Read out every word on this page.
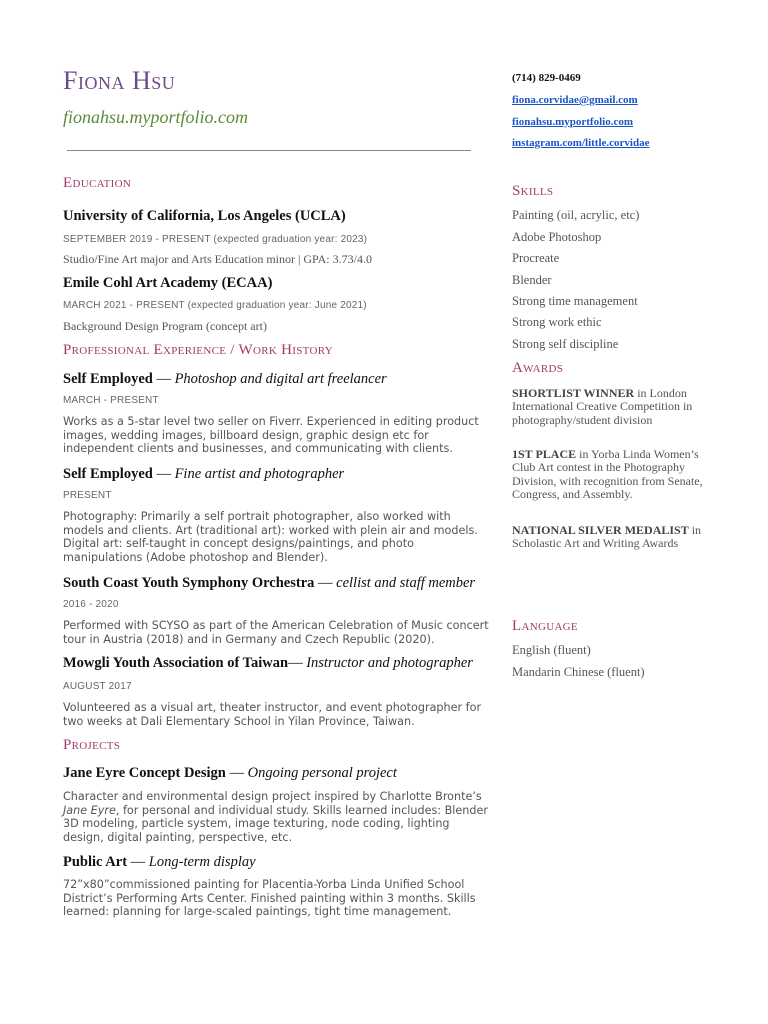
Fiona Hsu
fionahsu.myportfolio.com
(714) 829-0469
fiona.corvidae@gmail.com
fionahsu.myportfolio.com
instagram.com/little.corvidae
Education
University of California, Los Angeles (UCLA)
SEPTEMBER 2019 - PRESENT (expected graduation year: 2023)
Studio/Fine Art major and Arts Education minor | GPA: 3.73/4.0
Emile Cohl Art Academy (ECAA)
MARCH 2021 - PRESENT (expected graduation year: June 2021)
Background Design Program (concept art)
Professional Experience / Work History
Self Employed — Photoshop and digital art freelancer
MARCH - PRESENT
Works as a 5-star level two seller on Fiverr. Experienced in editing product images, wedding images, billboard design, graphic design etc for independent clients and businesses, and communicating with clients.
Self Employed — Fine artist and photographer
PRESENT
Photography: Primarily a self portrait photographer, also worked with models and clients. Art (traditional art): worked with plein air and models. Digital art: self-taught in concept designs/paintings, and photo manipulations (Adobe photoshop and Blender).
South Coast Youth Symphony Orchestra — cellist and staff member
2016 - 2020
Performed with SCYSO as part of the American Celebration of Music concert tour in Austria (2018) and in Germany and Czech Republic (2020).
Mowgli Youth Association of Taiwan— Instructor and photographer
AUGUST 2017
Volunteered as a visual art, theater instructor, and event photographer for two weeks at Dali Elementary School in Yilan Province, Taiwan.
Projects
Jane Eyre Concept Design — Ongoing personal project
Character and environmental design project inspired by Charlotte Bronte’s Jane Eyre, for personal and individual study. Skills learned includes: Blender 3D modeling, particle system, image texturing, node coding, lighting design, digital painting, perspective, etc.
Public Art — Long-term display
72”x80”commissioned painting for Placentia-Yorba Linda Unified School District’s Performing Arts Center. Finished painting within 3 months. Skills learned: planning for large-scaled paintings, tight time management.
Skills
Painting (oil, acrylic, etc)
Adobe Photoshop
Procreate
Blender
Strong time management
Strong work ethic
Strong self discipline
Awards
SHORTLIST WINNER in London International Creative Competition in photography/student division
1ST PLACE in Yorba Linda Women’s Club Art contest in the Photography Division, with recognition from Senate, Congress, and Assembly.
NATIONAL SILVER MEDALIST in Scholastic Art and Writing Awards
Language
English (fluent)
Mandarin Chinese (fluent)
